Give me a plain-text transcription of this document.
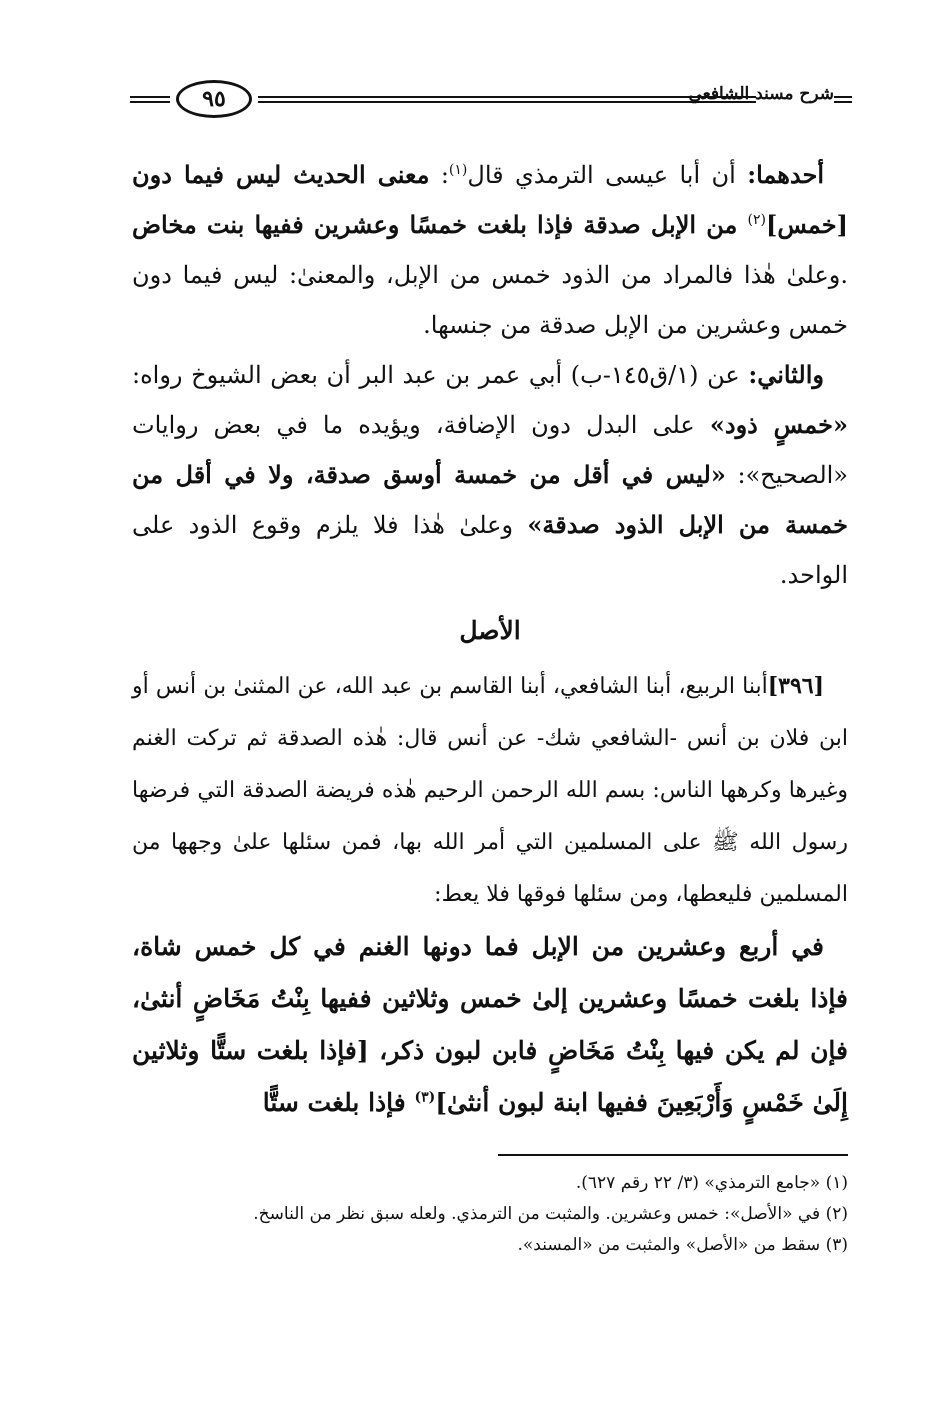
٩٥	شرح مسند الشافعي

أحدهما: أن أبا عيسى الترمذي قال$^{(١)}$: معنى الحديث ليس فيما دون [خمس]$^{(٢)}$ من الإبل صدقة فإذا بلغت خمسًا وعشرين ففيها بنت مخاض .وعلىٰ هٰذا فالمراد من الذود خمس من الإبل، والمعنىٰ: ليس فيما دون خمس وعشرين من الإبل صدقة من جنسها.

والثاني: عن (١/ق١٤٥-ب) أبي عمر بن عبد البر أن بعض الشيوخ رواه: «خمسٍ ذود» على البدل دون الإضافة، ويؤيده ما في بعض روايات «الصحيح»: «ليس في أقل من خمسة أوسق صدقة، ولا في أقل من خمسة من الإبل الذود صدقة» وعلىٰ هٰذا فلا يلزم وقوع الذود على الواحد.

الأصل

[٣٩٦]أبنا الربيع، أبنا الشافعي، أبنا القاسم بن عبد الله، عن المثنىٰ بن أنس أو ابن فلان بن أنس -الشافعي شك- عن أنس قال: هٰذه الصدقة ثم تركت الغنم وغيرها وكرهها الناس: بسم الله الرحمن الرحيم هٰذه فريضة الصدقة التي فرضها رسول الله ﷺ على المسلمين التي أمر الله بها، فمن سئلها علىٰ وجهها من المسلمين فليعطها، ومن سئلها فوقها فلا يعط:

في أربع وعشرين من الإبل فما دونها الغنم في كل خمس شاة، فإذا بلغت خمسًا وعشرين إلىٰ خمس وثلاثين ففيها بِنْتُ مَخَاضٍ أنثىٰ، فإن لم يكن فيها بِنْتُ مَخَاضٍ فابن لبون ذكر، [فإذا بلغت ستًّا وثلاثين إِلَىٰ خَمْسٍ وَأَرْبَعِينَ ففيها ابنة لبون أنثىٰ]$^{(٣)}$ فإذا بلغت ستًّا

(١) «جامع الترمذي» (٣/ ٢٢ رقم ٦٢٧).

(٢) في «الأصل»: خمس وعشرين. والمثبت من الترمذي. ولعله سبق نظر من الناسخ.

(٣) سقط من «الأصل» والمثبت من «المسند».
